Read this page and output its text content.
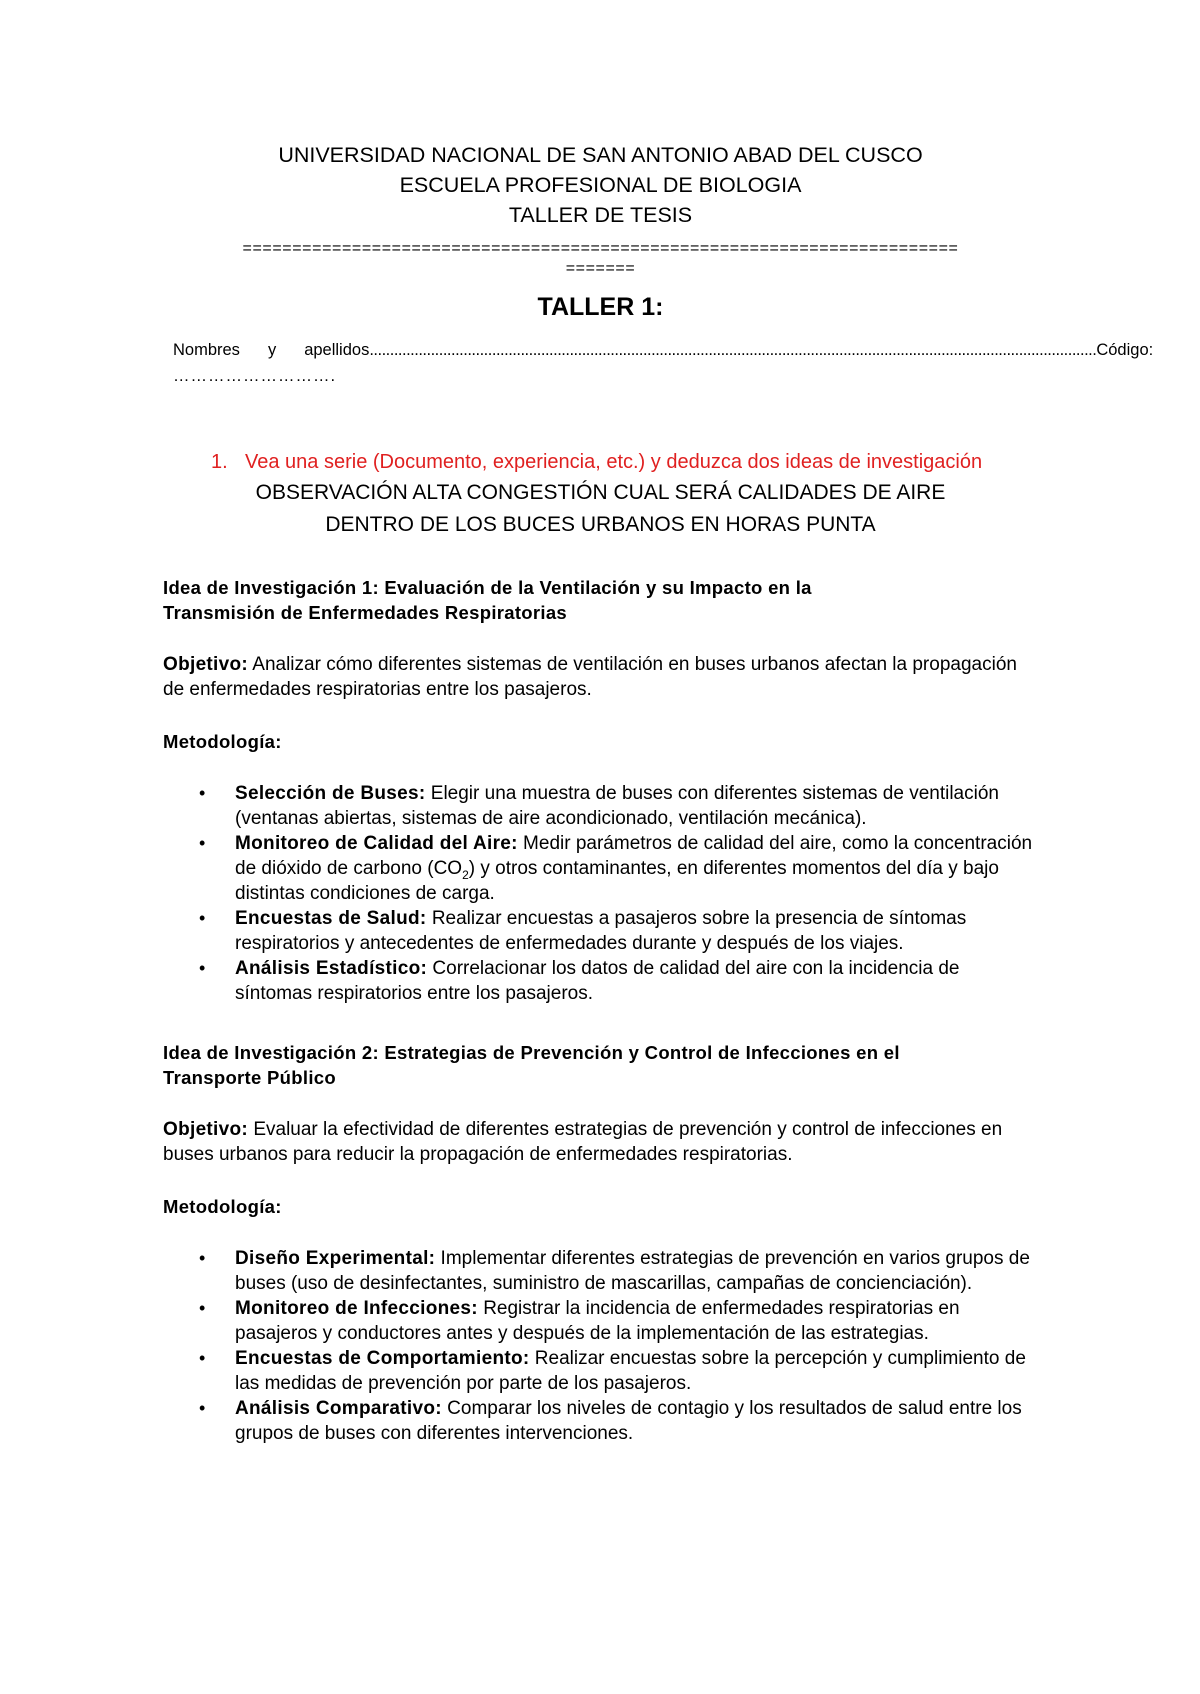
UNIVERSIDAD NACIONAL DE SAN ANTONIO ABAD DEL CUSCO
ESCUELA PROFESIONAL DE BIOLOGIA
TALLER DE TESIS
========================================================================
=======
TALLER 1:
Nombres y apellidos .................................................................................................................................................................................. Código:
……………………….
1. Vea una serie (Documento, experiencia, etc.) y deduzca dos ideas de investigación
OBSERVACIÓN ALTA CONGESTIÓN CUAL SERÁ CALIDADES DE AIRE
DENTRO DE LOS BUCES URBANOS EN HORAS PUNTA
Idea de Investigación 1: Evaluación de la Ventilación y su Impacto en la
Transmisión de Enfermedades Respiratorias
Objetivo: Analizar cómo diferentes sistemas de ventilación en buses urbanos afectan la propagación de enfermedades respiratorias entre los pasajeros.
Metodología:
•	Selección de Buses: Elegir una muestra de buses con diferentes sistemas de ventilación (ventanas abiertas, sistemas de aire acondicionado, ventilación mecánica).
•	Monitoreo de Calidad del Aire: Medir parámetros de calidad del aire, como la concentración de dióxido de carbono $(CO_2)$ y otros contaminantes, en diferentes momentos del día y bajo distintas condiciones de carga.
•	Encuestas de Salud: Realizar encuestas a pasajeros sobre la presencia de síntomas respiratorios y antecedentes de enfermedades durante y después de los viajes.
•	Análisis Estadístico: Correlacionar los datos de calidad del aire con la incidencia de síntomas respiratorios entre los pasajeros.
Idea de Investigación 2: Estrategias de Prevención y Control de Infecciones en el
Transporte Público
Objetivo: Evaluar la efectividad de diferentes estrategias de prevención y control de infecciones en buses urbanos para reducir la propagación de enfermedades respiratorias.
Metodología:
•	Diseño Experimental: Implementar diferentes estrategias de prevención en varios grupos de buses (uso de desinfectantes, suministro de mascarillas, campañas de concienciación).
•	Monitoreo de Infecciones: Registrar la incidencia de enfermedades respiratorias en pasajeros y conductores antes y después de la implementación de las estrategias.
•	Encuestas de Comportamiento: Realizar encuestas sobre la percepción y cumplimiento de las medidas de prevención por parte de los pasajeros.
•	Análisis Comparativo: Comparar los niveles de contagio y los resultados de salud entre los grupos de buses con diferentes intervenciones.
